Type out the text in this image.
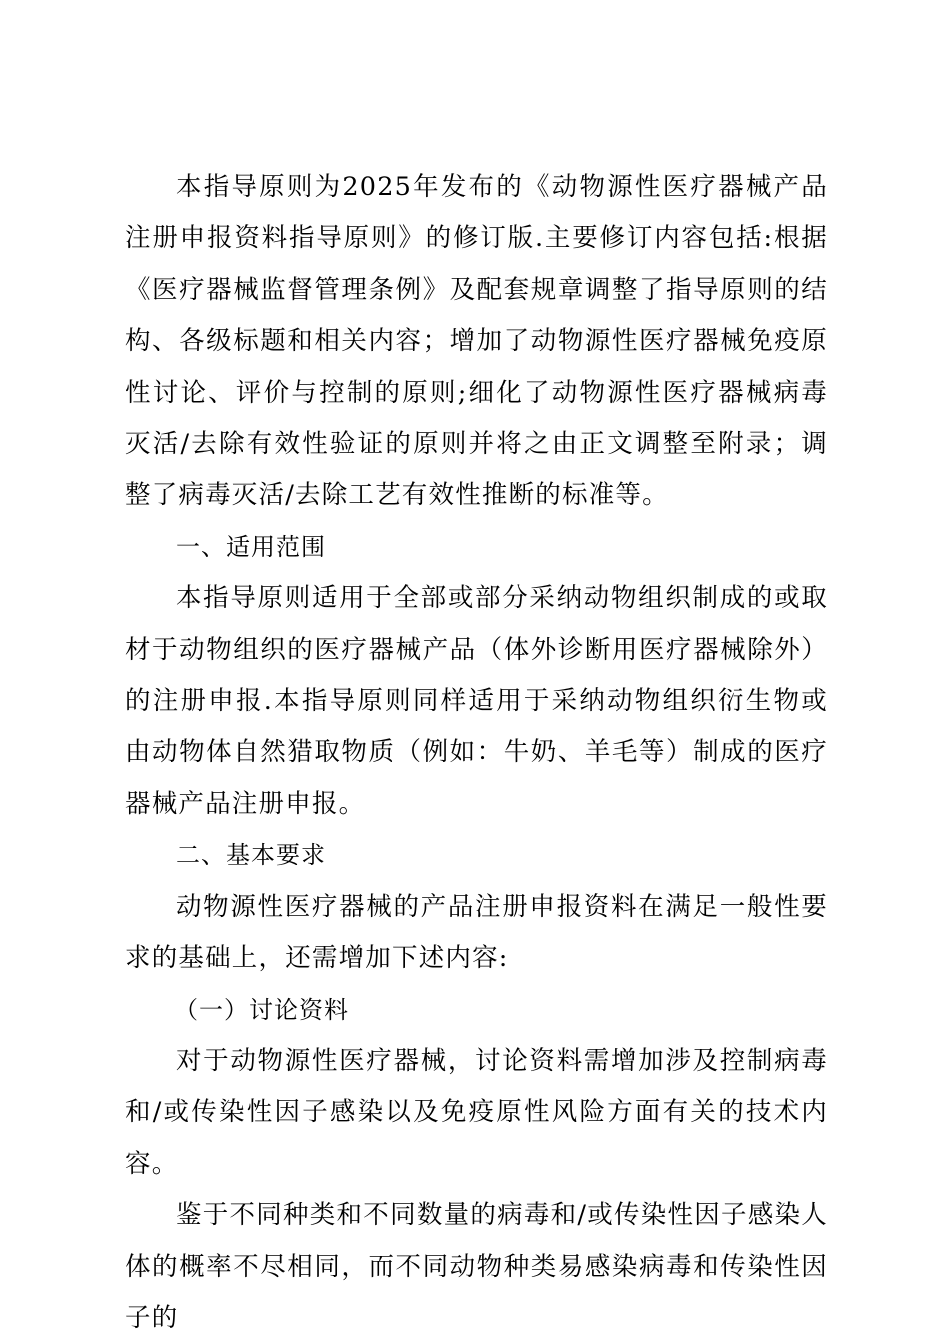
本指导原则为2025年发布的《动物源性医疗器械产品注册申报资料指导原则》的修订版.主要修订内容包括:根据《医疗器械监督管理条例》及配套规章调整了指导原则的结构、各级标题和相关内容；增加了动物源性医疗器械免疫原性讨论、评价与控制的原则;细化了动物源性医疗器械病毒灭活/去除有效性验证的原则并将之由正文调整至附录；调整了病毒灭活/去除工艺有效性推断的标准等。

一、适用范围

本指导原则适用于全部或部分采纳动物组织制成的或取材于动物组织的医疗器械产品（体外诊断用医疗器械除外）的注册申报.本指导原则同样适用于采纳动物组织衍生物或由动物体自然猎取物质（例如：牛奶、羊毛等）制成的医疗器械产品注册申报。

二、基本要求

动物源性医疗器械的产品注册申报资料在满足一般性要求的基础上，还需增加下述内容:

（一）讨论资料

对于动物源性医疗器械，讨论资料需增加涉及控制病毒和/或传染性因子感染以及免疫原性风险方面有关的技术内容。

鉴于不同种类和不同数量的病毒和/或传染性因子感染人体的概率不尽相同，而不同动物种类易感染病毒和传染性因子的
